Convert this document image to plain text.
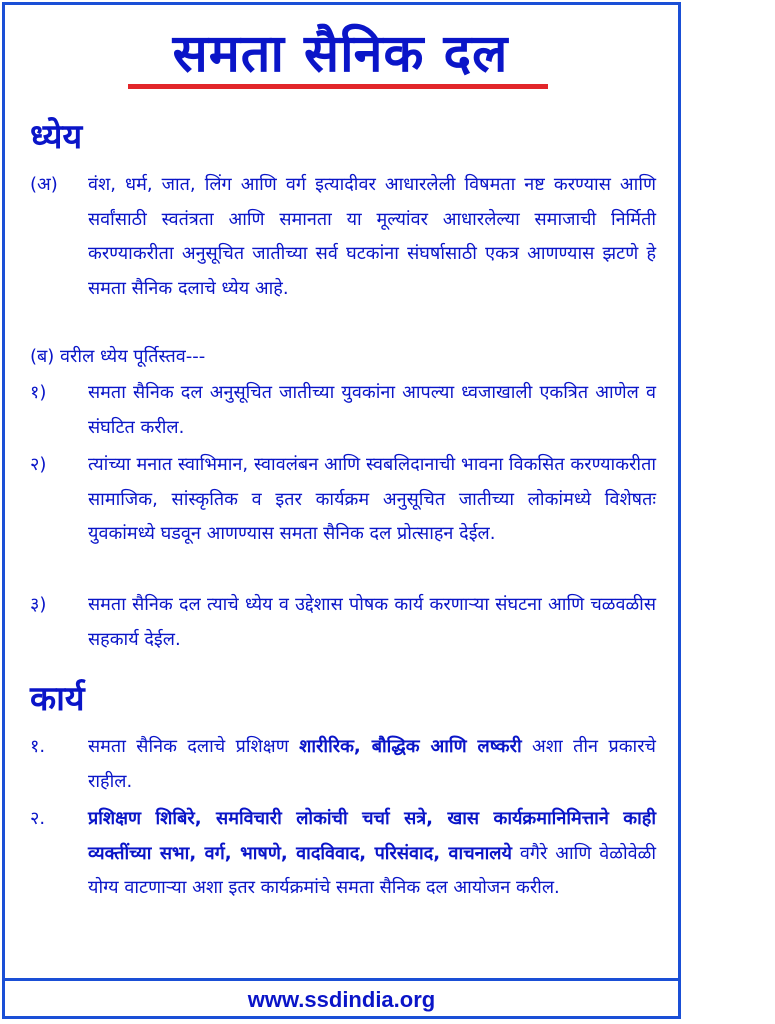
समता सैनिक दल
ध्येय
(अ) वंश, धर्म, जात, लिंग आणि वर्ग इत्यादीवर आधारलेली विषमता नष्ट करण्यास आणि सर्वांसाठी स्वतंत्रता आणि समानता या मूल्यांवर आधारलेल्या समाजाची निर्मिती करण्याकरीता अनुसूचित जातीच्या सर्व घटकांना संघर्षासाठी एकत्र आणण्यास झटणे हे समता सैनिक दलाचे ध्येय आहे.
(ब) वरील ध्येय पूर्तिस्तव---
१) समता सैनिक दल अनुसूचित जातीच्या युवकांना आपल्या ध्वजाखाली एकत्रित आणेल व संघटित करील.
२) त्यांच्या मनात स्वाभिमान, स्वावलंबन आणि स्वबलिदानाची भावना विकसित करण्याकरीता सामाजिक, सांस्कृतिक व इतर कार्यक्रम अनुसूचित जातीच्या लोकांमध्ये विशेषतः युवकांमध्ये घडवून आणण्यास समता सैनिक दल प्रोत्साहन देईल.
३) समता सैनिक दल त्याचे ध्येय व उद्देशास पोषक कार्य करणाऱ्या संघटना आणि चळवळीस सहकार्य देईल.
कार्य
१. समता सैनिक दलाचे प्रशिक्षण शारीरिक, बौद्धिक आणि लष्करी अशा तीन प्रकारचे राहील.
२. प्रशिक्षण शिबिरे, समविचारी लोकांची चर्चा सत्रे, खास कार्यक्रमानिमित्ताने काही व्यक्तींच्या सभा, वर्ग, भाषणे, वादविवाद, परिसंवाद, वाचनालये वगैरे आणि वेळोवेळी योग्य वाटणाऱ्या अशा इतर कार्यक्रमांचे समता सैनिक दल आयोजन करील.
www.ssdindia.org
